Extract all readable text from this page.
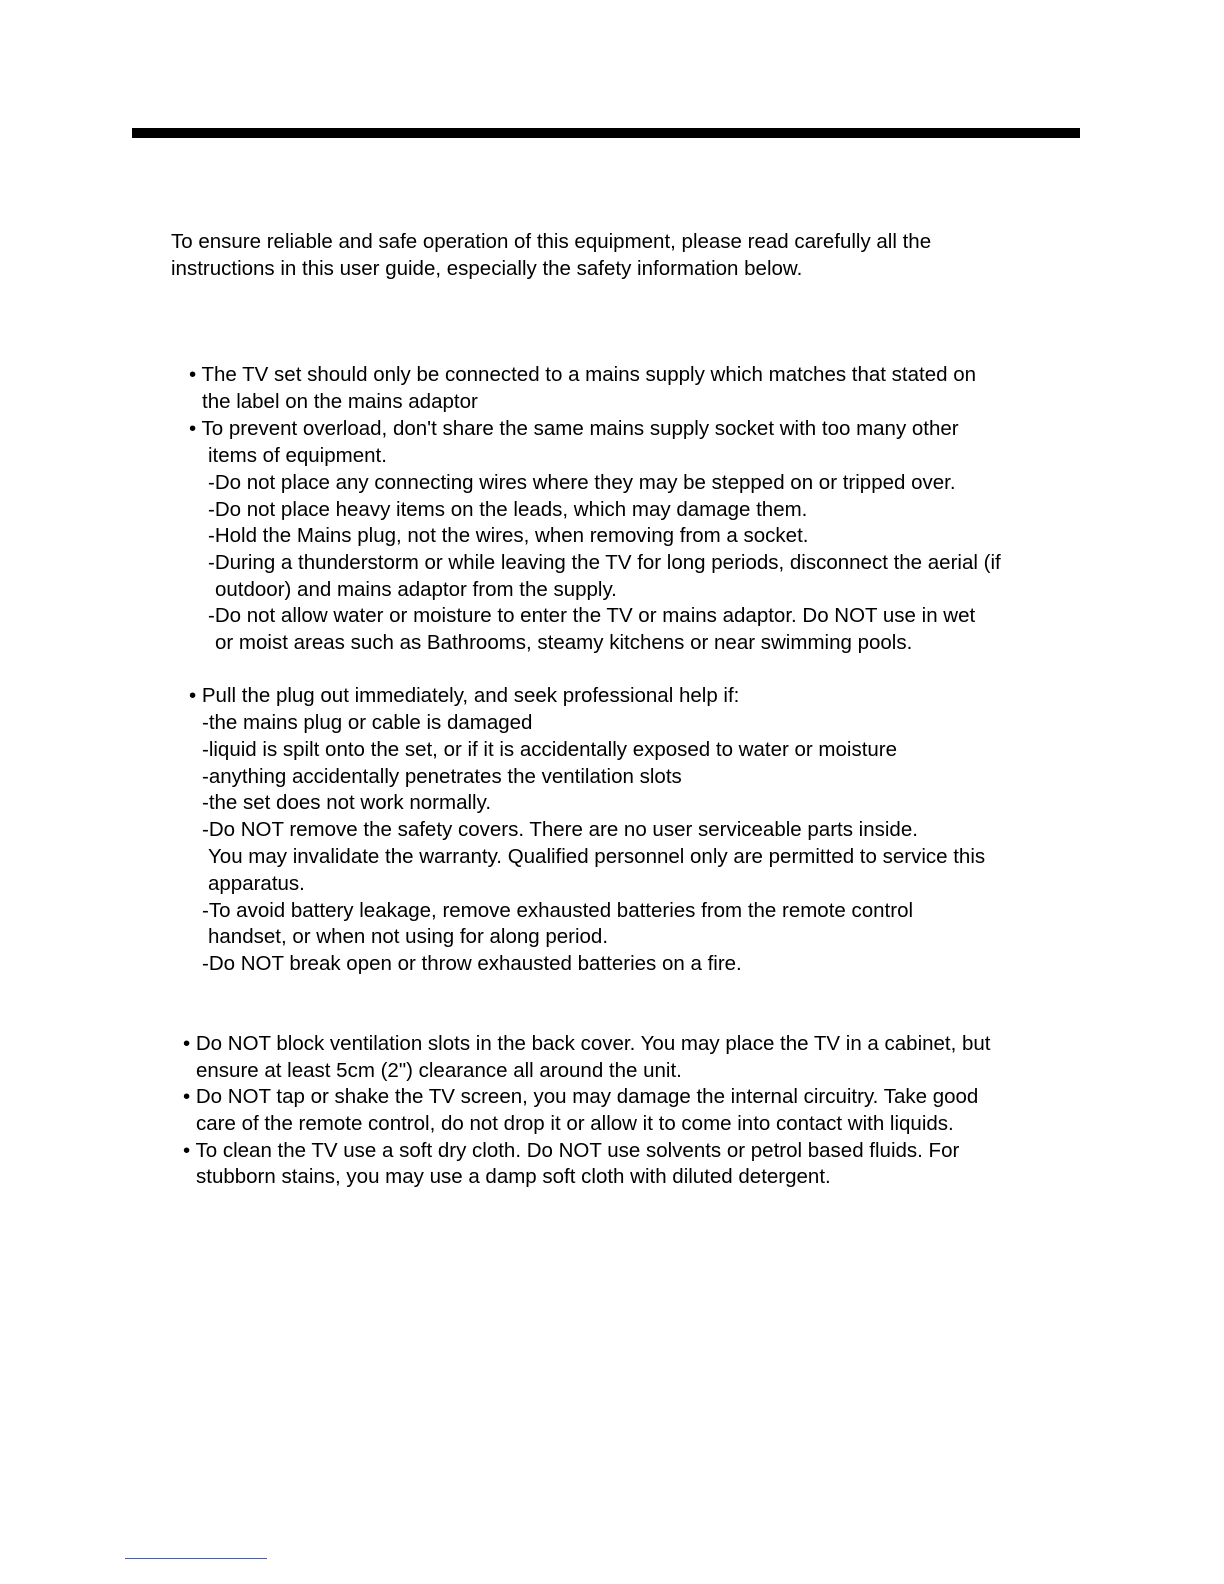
To ensure reliable and safe operation of this equipment, please read carefully all the
instructions in this user guide, especially the safety information below.
• The TV set should only be connected to a mains supply which matches that stated on
the label on the mains adaptor
• To prevent overload, don't share the same mains supply socket with too many other
items of equipment.
-Do not place any connecting wires where they may be stepped on or tripped over.
-Do not place heavy items on the leads, which may damage them.
-Hold the Mains plug, not the wires, when removing from a socket.
-During a thunderstorm or while leaving the TV for long periods, disconnect the aerial (if
outdoor) and mains adaptor from the supply.
-Do not allow water or moisture to enter the TV or mains adaptor. Do NOT use in wet
or moist areas such as Bathrooms, steamy kitchens or near swimming pools.
• Pull the plug out immediately, and seek professional help if:
-the mains plug or cable is damaged
-liquid is spilt onto the set, or if it is accidentally exposed to water or moisture
-anything accidentally penetrates the ventilation slots
-the set does not work normally.
-Do NOT remove the safety covers. There are no user serviceable parts inside.
You may invalidate the warranty. Qualified personnel only are permitted to service this
apparatus.
-To avoid battery leakage, remove exhausted batteries from the remote control
handset, or when not using for along period.
-Do NOT break open or throw exhausted batteries on a fire.
• Do NOT block ventilation slots in the back cover. You may place the TV in a cabinet, but
ensure at least 5cm (2") clearance all around the unit.
• Do NOT tap or shake the TV screen, you may damage the internal circuitry. Take good
care of the remote control, do not drop it or allow it to come into contact with liquids.
• To clean the TV use a soft dry cloth. Do NOT use solvents or petrol based fluids. For
stubborn stains, you may use a damp soft cloth with diluted detergent.
